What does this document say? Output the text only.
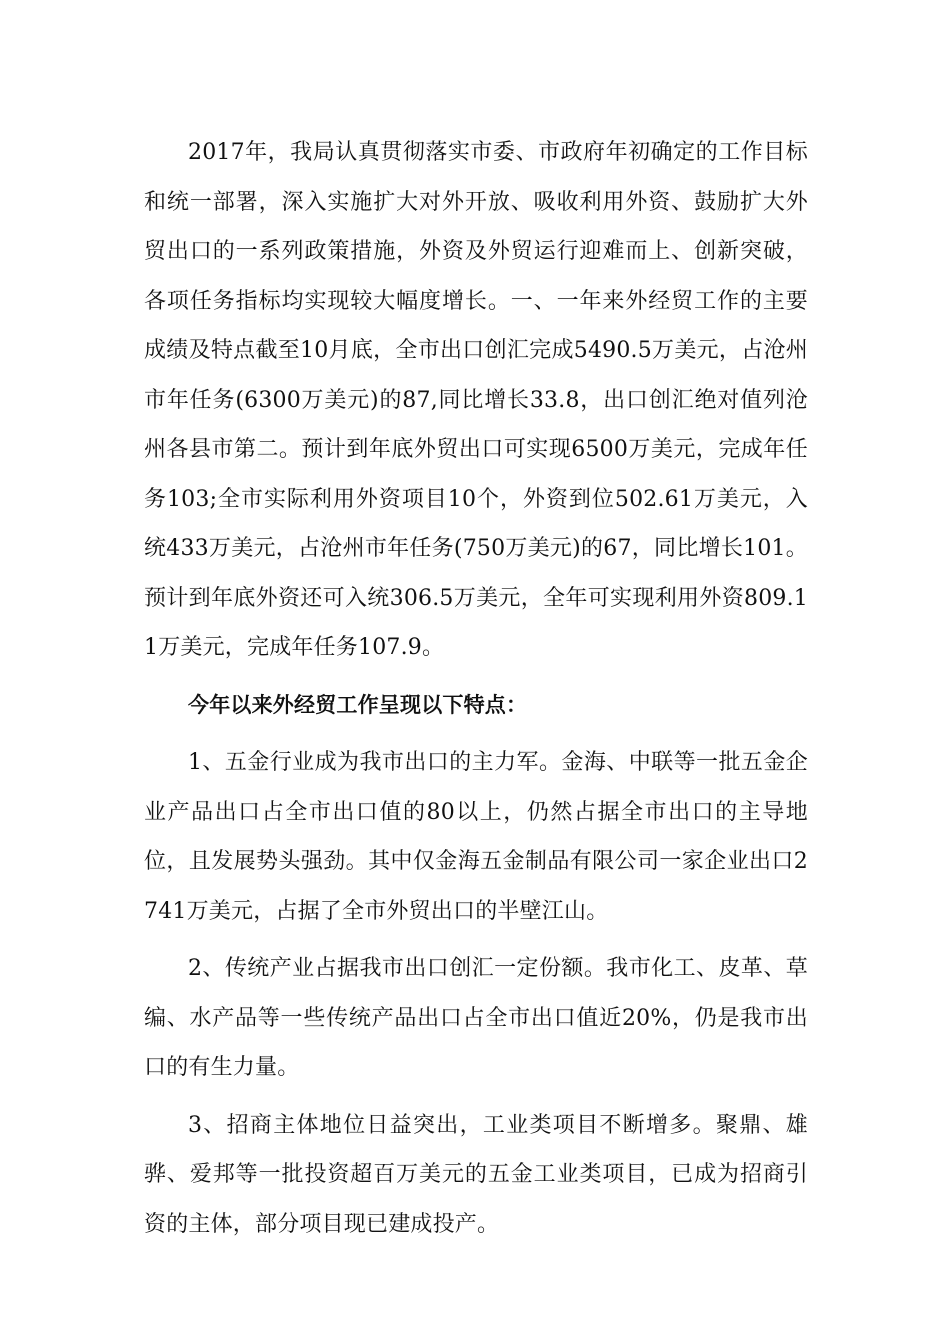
2017年，我局认真贯彻落实市委、市政府年初确定的工作目标和统一部署，深入实施扩大对外开放、吸收利用外资、鼓励扩大外贸出口的一系列政策措施，外资及外贸运行迎难而上、创新突破，各项任务指标均实现较大幅度增长。一、一年来外经贸工作的主要成绩及特点截至10月底，全市出口创汇完成5490.5万美元，占沧州市年任务(6300万美元)的87,同比增长33.8，出口创汇绝对值列沧州各县市第二。预计到年底外贸出口可实现6500万美元，完成年任务103;全市实际利用外资项目10个，外资到位502.61万美元，入统433万美元，占沧州市年任务(750万美元)的67，同比增长101。预计到年底外资还可入统306.5万美元，全年可实现利用外资809.11万美元，完成年任务107.9。

今年以来外经贸工作呈现以下特点：

1、五金行业成为我市出口的主力军。金海、中联等一批五金企业产品出口占全市出口值的80以上，仍然占据全市出口的主导地位，且发展势头强劲。其中仅金海五金制品有限公司一家企业出口2741万美元，占据了全市外贸出口的半壁江山。

2、传统产业占据我市出口创汇一定份额。我市化工、皮革、草编、水产品等一些传统产品出口占全市出口值近20%，仍是我市出口的有生力量。

3、招商主体地位日益突出，工业类项目不断增多。聚鼎、雄骅、爱邦等一批投资超百万美元的五金工业类项目，已成为招商引资的主体，部分项目现已建成投产。
